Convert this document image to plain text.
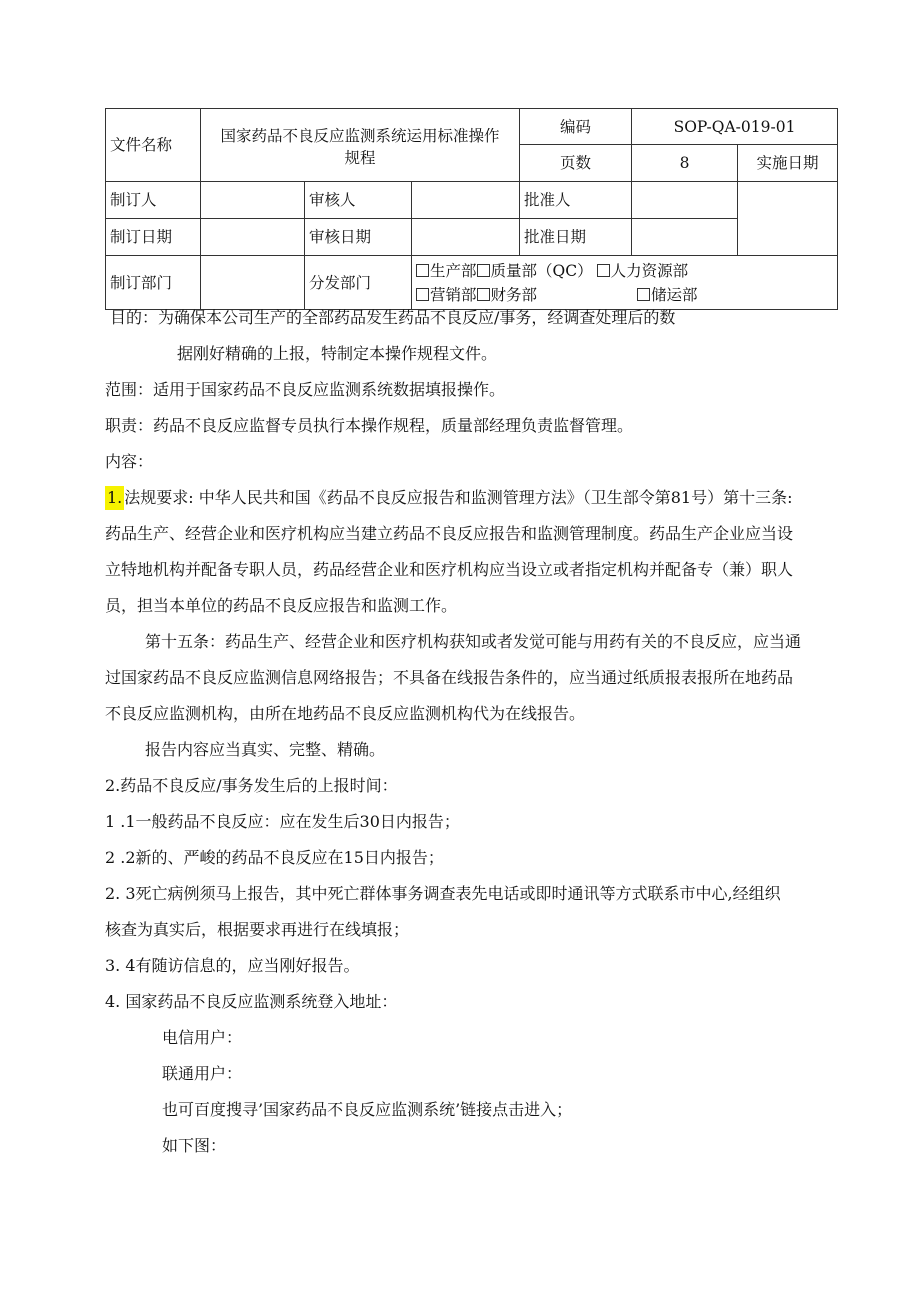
文件名称	国家药品不良反应监测系统运用标准操作
规程			编码	SOP-QA-019-01	
				页数	8	实施日期
制订人		审核人		批准人		
制订日期		审核日期		批准日期		
制订部门		分发部门	生产部 质量部（QC） 人力资源部
营销部 财务部 储运部			
目的：为确保本公司生产的全部药品发生药品不良反应/事务，经调查处理后的数
据刚好精确的上报，特制定本操作规程文件。
范围：适用于国家药品不良反应监测系统数据填报操作。
职责：药品不良反应监督专员执行本操作规程，质量部经理负责监督管理。
内容：
1. 法规要求: 中华人民共和国《药品不良反应报告和监测管理方法》（卫生部令第81号）第十三条:
药品生产、经营企业和医疗机构应当建立药品不良反应报告和监测管理制度。药品生产企业应当设
立特地机构并配备专职人员，药品经营企业和医疗机构应当设立或者指定机构并配备专（兼）职人
员，担当本单位的药品不良反应报告和监测工作。
第十五条：药品生产、经营企业和医疗机构获知或者发觉可能与用药有关的不良反应，应当通
过国家药品不良反应监测信息网络报告；不具备在线报告条件的，应当通过纸质报表报所在地药品
不良反应监测机构，由所在地药品不良反应监测机构代为在线报告。
报告内容应当真实、完整、精确。
2.药品不良反应/事务发生后的上报时间：
1 .1一般药品不良反应：应在发生后30日内报告；
2 .2新的、严峻的药品不良反应在15日内报告；
2. 3死亡病例须马上报告，其中死亡群体事务调查表先电话或即时通讯等方式联系市中心,经组织
核查为真实后，根据要求再进行在线填报；
3. 4有随访信息的，应当刚好报告。
4. 国家药品不良反应监测系统登入地址：
电信用户：
联通用户：
也可百度搜寻’国家药品不良反应监测系统’链接点击进入；
如下图：
